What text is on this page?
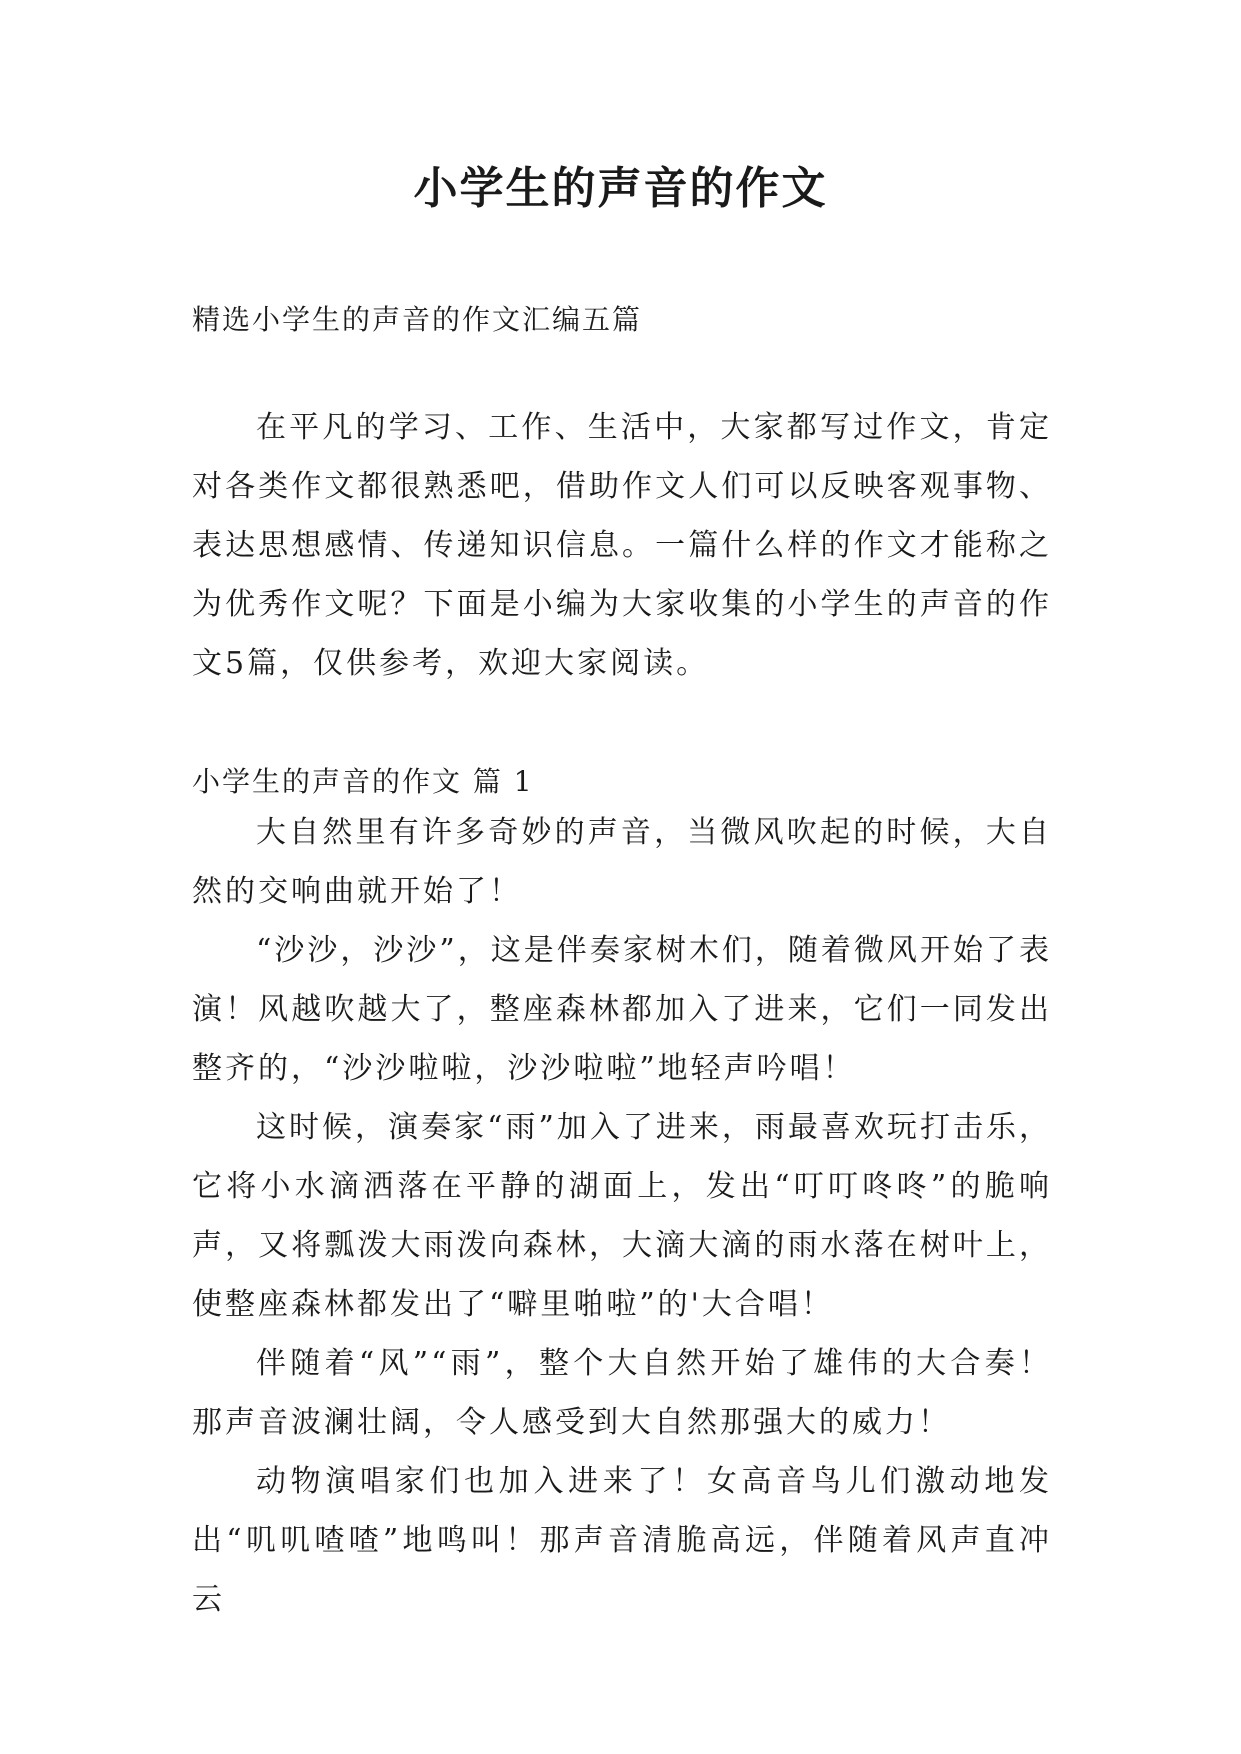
小学生的声音的作文

精选小学生的声音的作文汇编五篇

在平凡的学习、工作、生活中，大家都写过作文，肯定对各类作文都很熟悉吧，借助作文人们可以反映客观事物、表达思想感情、传递知识信息。一篇什么样的作文才能称之为优秀作文呢？下面是小编为大家收集的小学生的声音的作文5篇，仅供参考，欢迎大家阅读。

小学生的声音的作文 篇 1

大自然里有许多奇妙的声音，当微风吹起的时候，大自然的交响曲就开始了！

“沙沙，沙沙”，这是伴奏家树木们，随着微风开始了表演！风越吹越大了，整座森林都加入了进来，它们一同发出整齐的，“沙沙啦啦，沙沙啦啦”地轻声吟唱！

这时候，演奏家“雨”加入了进来，雨最喜欢玩打击乐，它将小水滴洒落在平静的湖面上，发出“叮叮咚咚”的脆响声，又将瓢泼大雨泼向森林，大滴大滴的雨水落在树叶上，使整座森林都发出了“噼里啪啦”的'大合唱！

伴随着“风”“雨”，整个大自然开始了雄伟的大合奏！那声音波澜壮阔，令人感受到大自然那强大的威力！

动物演唱家们也加入进来了！女高音鸟儿们激动地发出“叽叽喳喳”地鸣叫！那声音清脆高远，伴随着风声直冲云
